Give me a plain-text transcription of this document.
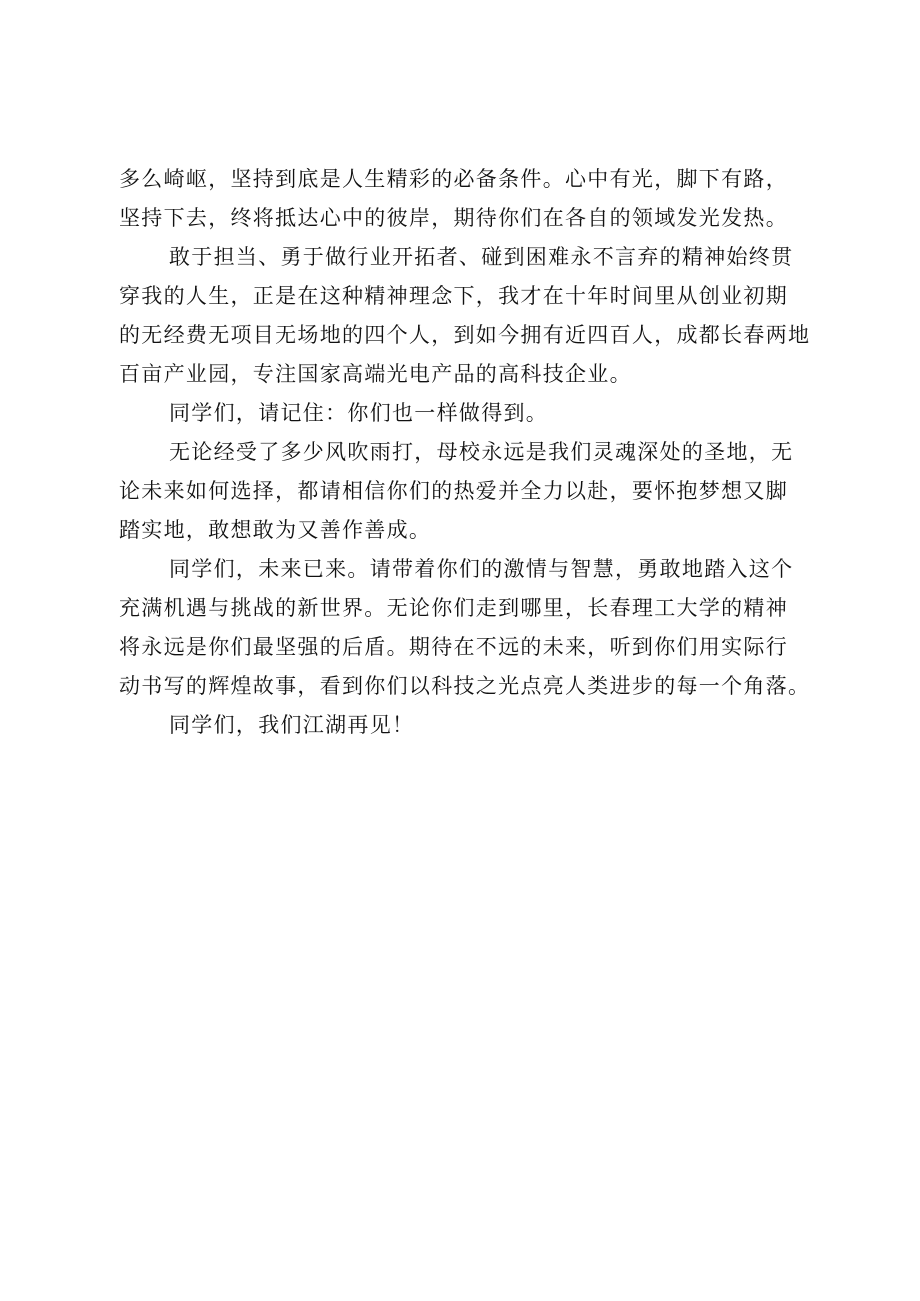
多么崎岖，坚持到底是人生精彩的必备条件。心中有光，脚下有路，
坚持下去，终将抵达心中的彼岸，期待你们在各自的领域发光发热。
敢于担当、勇于做行业开拓者、碰到困难永不言弃的精神始终贯
穿我的人生，正是在这种精神理念下，我才在十年时间里从创业初期
的无经费无项目无场地的四个人，到如今拥有近四百人，成都长春两地
百亩产业园，专注国家高端光电产品的高科技企业。
同学们，请记住：你们也一样做得到。
无论经受了多少风吹雨打，母校永远是我们灵魂深处的圣地，无
论未来如何选择，都请相信你们的热爱并全力以赴，要怀抱梦想又脚
踏实地，敢想敢为又善作善成。
同学们，未来已来。请带着你们的激情与智慧，勇敢地踏入这个
充满机遇与挑战的新世界。无论你们走到哪里，长春理工大学的精神
将永远是你们最坚强的后盾。期待在不远的未来，听到你们用实际行
动书写的辉煌故事，看到你们以科技之光点亮人类进步的每一个角落。
同学们，我们江湖再见！
